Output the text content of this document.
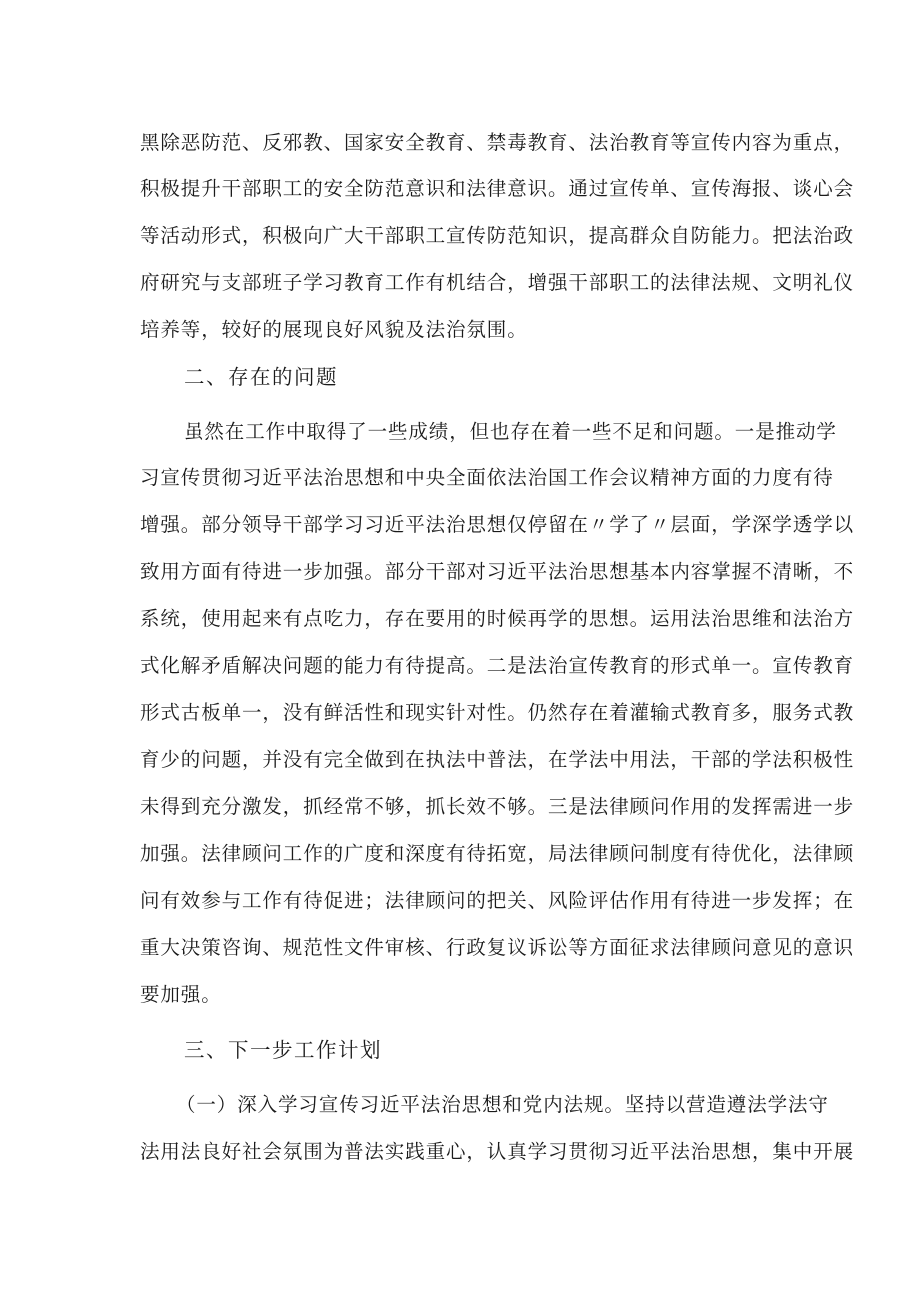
黑除恶防范、反邪教、国家安全教育、禁毒教育、法治教育等宣传内容为重点，
积极提升干部职工的安全防范意识和法律意识。通过宣传单、宣传海报、谈心会
等活动形式，积极向广大干部职工宣传防范知识，提高群众自防能力。把法治政
府研究与支部班子学习教育工作有机结合，增强干部职工的法律法规、文明礼仪
培养等，较好的展现良好风貌及法治氛围。
二、存在的问题
虽然在工作中取得了一些成绩，但也存在着一些不足和问题。一是推动学
习宣传贯彻习近平法治思想和中央全面依法治国工作会议精神方面的力度有待
增强。部分领导干部学习习近平法治思想仅停留在〃学了〃层面，学深学透学以
致用方面有待进一步加强。部分干部对习近平法治思想基本内容掌握不清晰，不
系统，使用起来有点吃力，存在要用的时候再学的思想。运用法治思维和法治方
式化解矛盾解决问题的能力有待提高。二是法治宣传教育的形式单一。宣传教育
形式古板单一，没有鲜活性和现实针对性。仍然存在着灌输式教育多，服务式教
育少的问题，并没有完全做到在执法中普法，在学法中用法，干部的学法积极性
未得到充分激发，抓经常不够，抓长效不够。三是法律顾问作用的发挥需进一步
加强。法律顾问工作的广度和深度有待拓宽，局法律顾问制度有待优化，法律顾
问有效参与工作有待促进；法律顾问的把关、风险评估作用有待进一步发挥；在
重大决策咨询、规范性文件审核、行政复议诉讼等方面征求法律顾问意见的意识
要加强。
三、下一步工作计划
（一）深入学习宣传习近平法治思想和党内法规。坚持以营造遵法学法守
法用法良好社会氛围为普法实践重心，认真学习贯彻习近平法治思想，集中开展
